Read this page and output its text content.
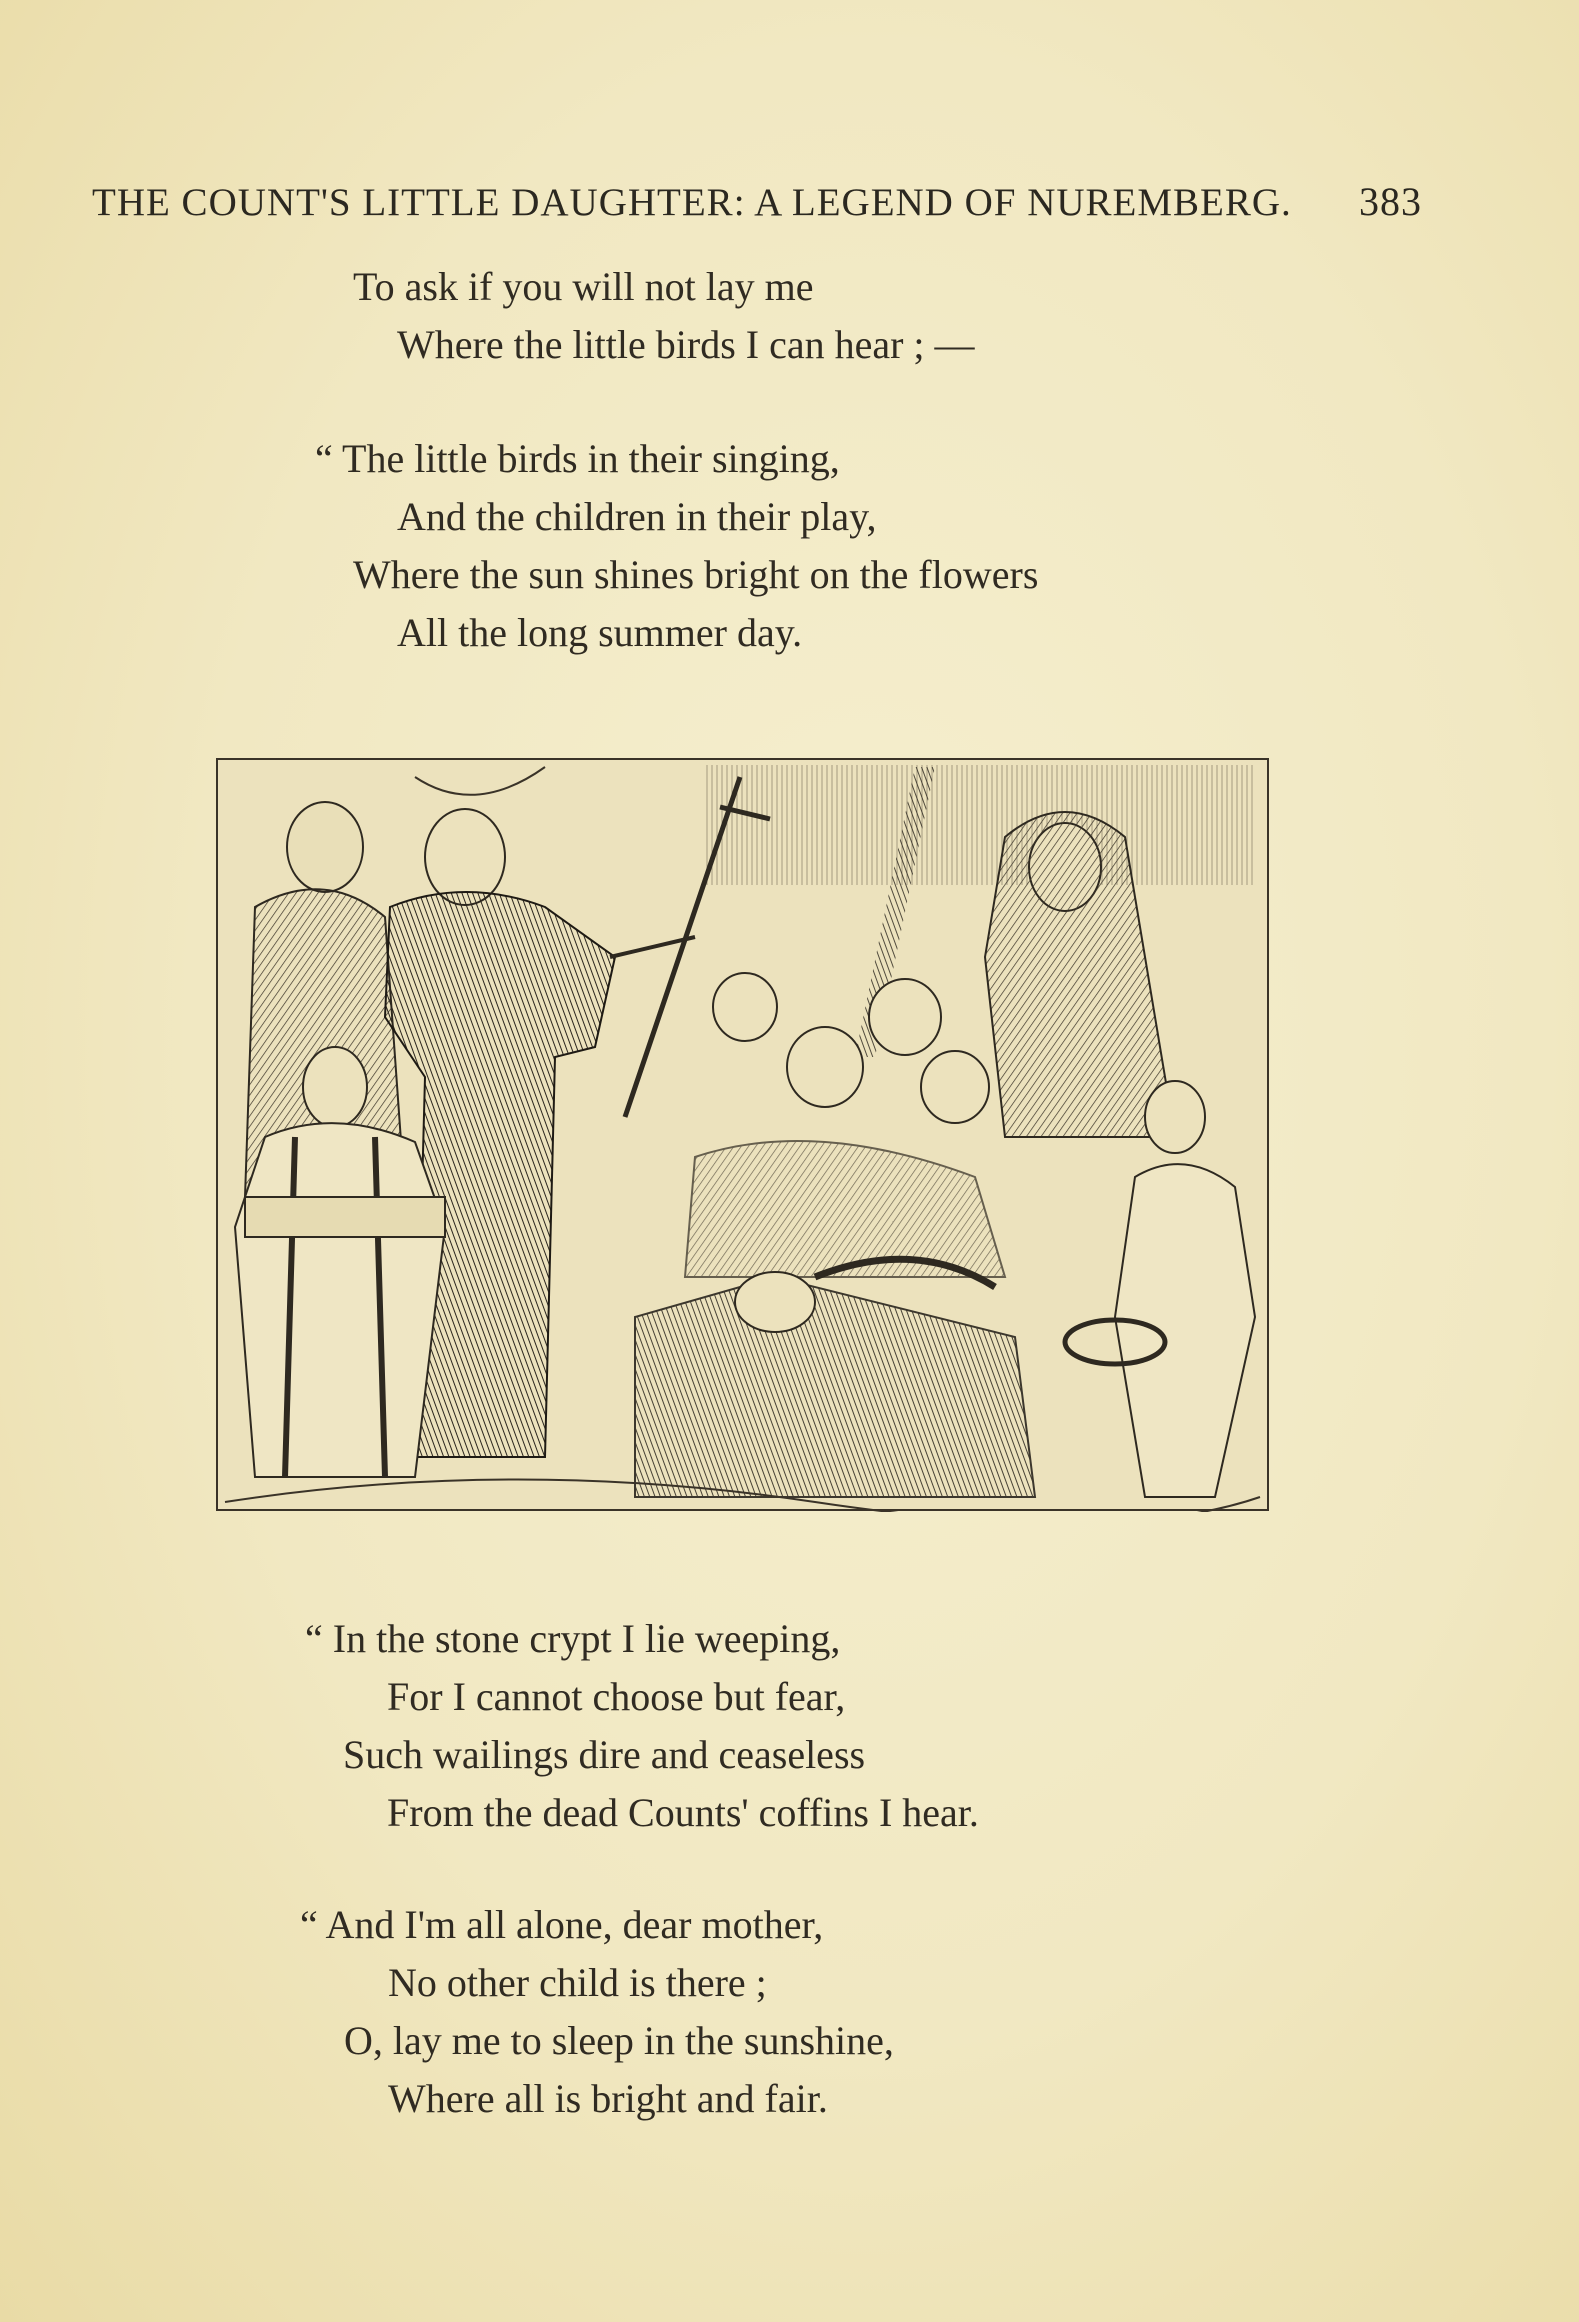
THE COUNT'S LITTLE DAUGHTER: A LEGEND OF NUREMBERG. 383
To ask if you will not lay me
Where the little birds I can hear ; —
“ The little birds in their singing,
And the children in their play,
Where the sun shines bright on the flowers
All the long summer day.
“ In the stone crypt I lie weeping,
For I cannot choose but fear,
Such wailings dire and ceaseless
From the dead Counts' coffins I hear.
“ And I'm all alone, dear mother,
No other child is there ;
O, lay me to sleep in the sunshine,
Where all is bright and fair.
